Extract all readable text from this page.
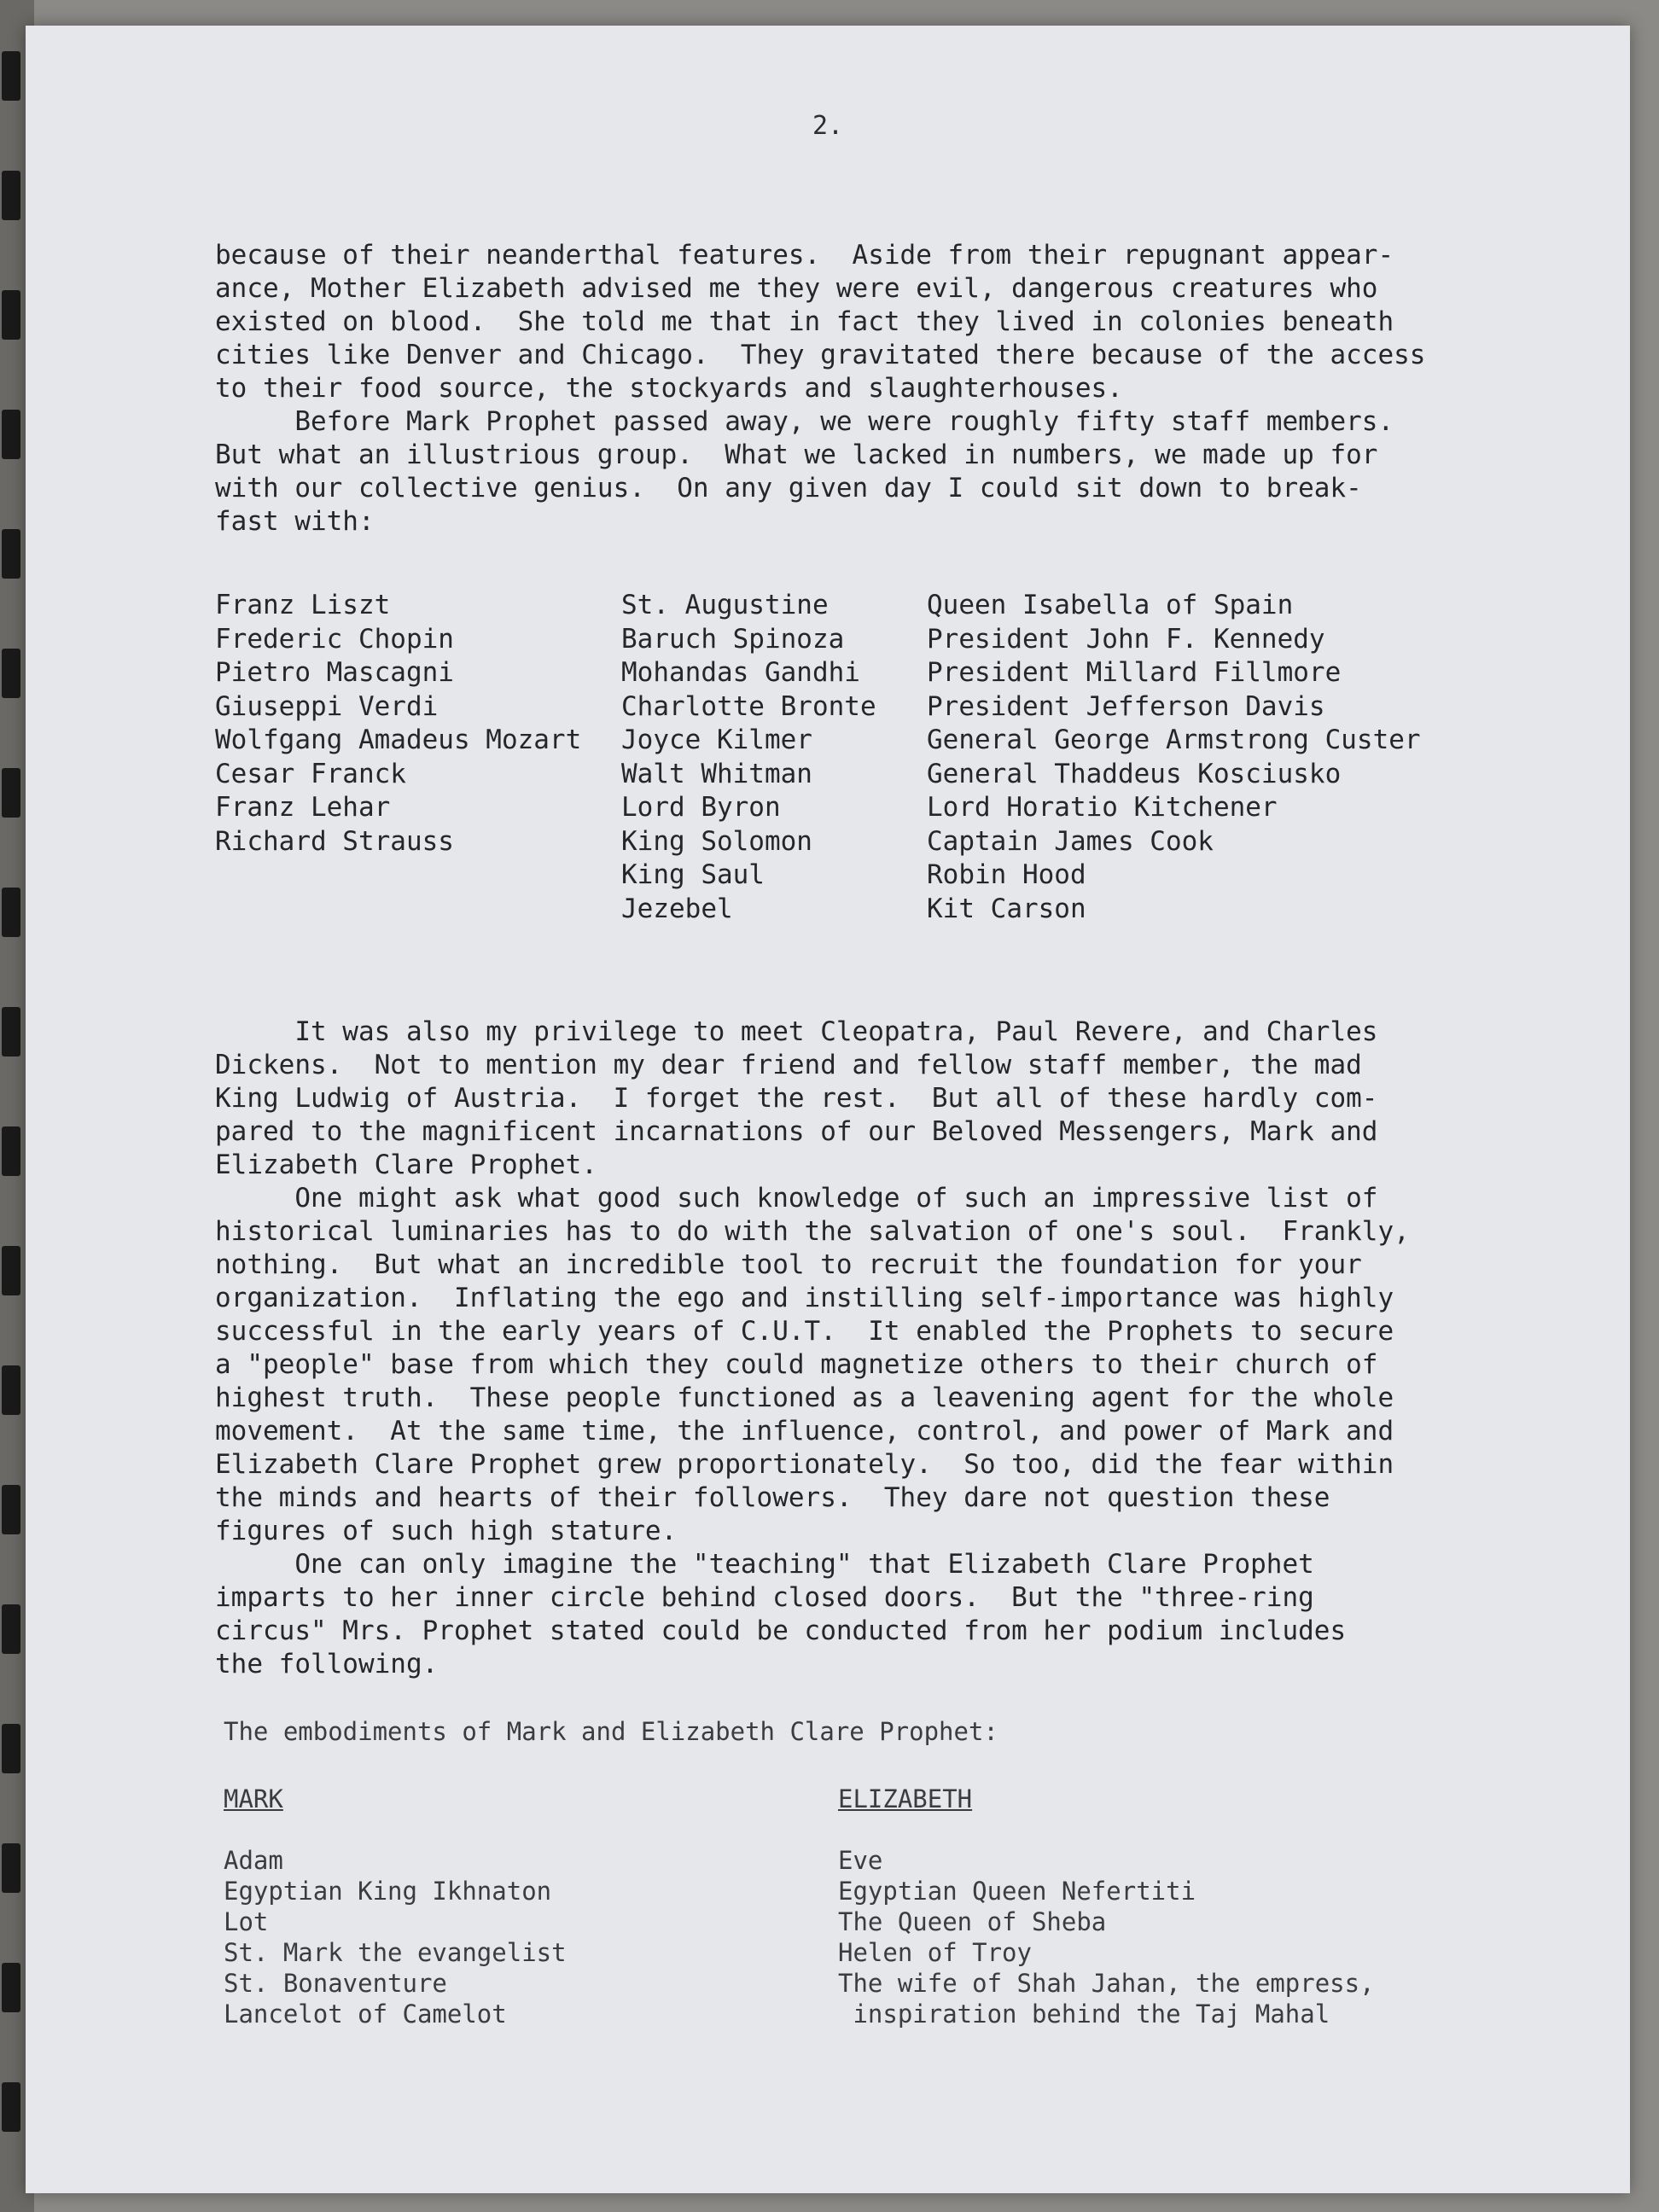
2.

because of their neanderthal features.  Aside from their repugnant appear-

ance, Mother Elizabeth advised me they were evil, dangerous creatures who

existed on blood.  She told me that in fact they lived in colonies beneath

cities like Denver and Chicago.  They gravitated there because of the access

to their food source, the stockyards and slaughterhouses.

Before Mark Prophet passed away, we were roughly fifty staff members.

But what an illustrious group.  What we lacked in numbers, we made up for

with our collective genius.  On any given day I could sit down to break-

fast with:

Franz Liszt
Frederic Chopin
Pietro Mascagni
Giuseppi Verdi
Wolfgang Amadeus Mozart
Cesar Franck
Franz Lehar
Richard Strauss
St. Augustine
Baruch Spinoza
Mohandas Gandhi
Charlotte Bronte
Joyce Kilmer
Walt Whitman
Lord Byron
King Solomon
King Saul
Jezebel
Queen Isabella of Spain
President John F. Kennedy
President Millard Fillmore
President Jefferson Davis
General George Armstrong Custer
General Thaddeus Kosciusko
Lord Horatio Kitchener
Captain James Cook
Robin Hood
Kit Carson

It was also my privilege to meet Cleopatra, Paul Revere, and Charles

Dickens.  Not to mention my dear friend and fellow staff member, the mad

King Ludwig of Austria.  I forget the rest.  But all of these hardly com-

pared to the magnificent incarnations of our Beloved Messengers, Mark and

Elizabeth Clare Prophet.

One might ask what good such knowledge of such an impressive list of

historical luminaries has to do with the salvation of one's soul.  Frankly,

nothing.  But what an incredible tool to recruit the foundation for your

organization.  Inflating the ego and instilling self-importance was highly

successful in the early years of C.U.T.  It enabled the Prophets to secure

a "people" base from which they could magnetize others to their church of

highest truth.  These people functioned as a leavening agent for the whole

movement.  At the same time, the influence, control, and power of Mark and

Elizabeth Clare Prophet grew proportionately.  So too, did the fear within

the minds and hearts of their followers.  They dare not question these

figures of such high stature.

One can only imagine the "teaching" that Elizabeth Clare Prophet

imparts to her inner circle behind closed doors.  But the "three-ring

circus" Mrs. Prophet stated could be conducted from her podium includes

the following.

The embodiments of Mark and Elizabeth Clare Prophet:
MARK
Adam
Egyptian King Ikhnaton
Lot
St. Mark the evangelist
St. Bonaventure
Lancelot of Camelot
ELIZABETH
Eve
Egyptian Queen Nefertiti
The Queen of Sheba
Helen of Troy
The wife of Shah Jahan, the empress,
inspiration behind the Taj Mahal
